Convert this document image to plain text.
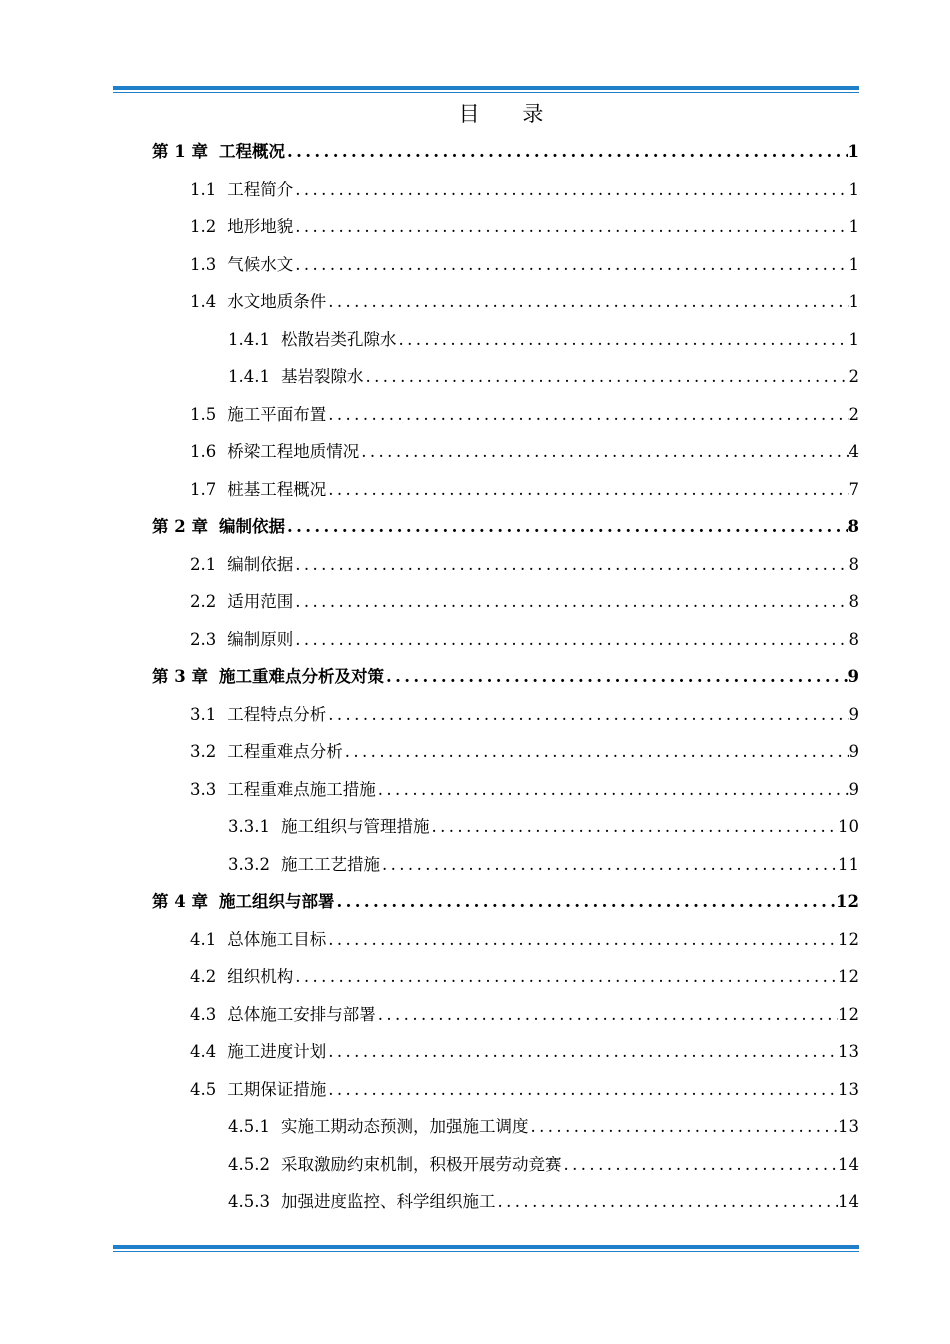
目 录
第 1 章 工程概况 .....	1
1.1 工程简介 .....	1
1.2 地形地貌 .....	1
1.3 气候水文 .....	1
1.4 水文地质条件 .....	1
1.4.1 松散岩类孔隙水 .....	1
1.4.1 基岩裂隙水 .....	2
1.5 施工平面布置 .....	2
1.6 桥梁工程地质情况 .....	4
1.7 桩基工程概况 .....	7
第 2 章 编制依据 .....	8
2.1 编制依据 .....	8
2.2 适用范围 .....	8
2.3 编制原则 .....	8
第 3 章 施工重难点分析及对策 .....	9
3.1 工程特点分析 .....	9
3.2 工程重难点分析 .....	9
3.3 工程重难点施工措施 .....	9
3.3.1 施工组织与管理措施 .....	10
3.3.2 施工工艺措施 .....	11
第 4 章 施工组织与部署 .....	12
4.1 总体施工目标 .....	12
4.2 组织机构 .....	12
4.3 总体施工安排与部署 .....	12
4.4 施工进度计划 .....	13
4.5 工期保证措施 .....	13
4.5.1 实施工期动态预测，加强施工调度 .....	13
4.5.2 采取激励约束机制，积极开展劳动竞赛 .....	14
4.5.3 加强进度监控、科学组织施工 .....	14
